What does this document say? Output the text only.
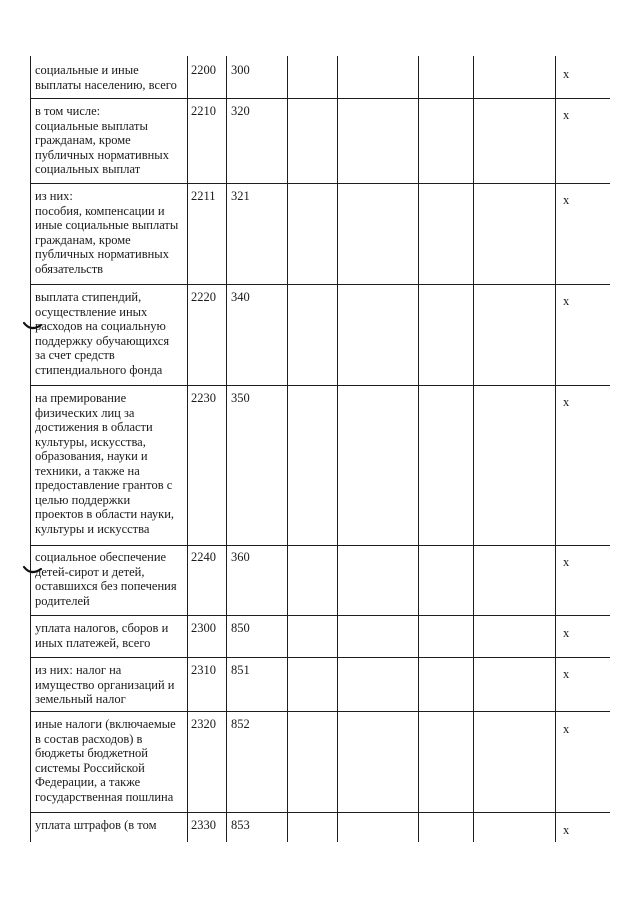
социальные и иные
выплаты населению, всего

2200 300	x

в том числе:
социальные выплаты
гражданам, кроме
публичных нормативных
социальных выплат

2210 320	x

из них:
пособия, компенсации и
иные социальные выплаты
гражданам, кроме
публичных нормативных
обязательств

2211 321	x

выплата стипендий,
осуществление иных
расходов на социальную
поддержку обучающихся
за счет средств
стипендиального фонда

2220 340	x

на премирование
физических лиц за
достижения в области
культуры, искусства,
образования, науки и
техники, а также на
предоставление грантов с
целью поддержки
проектов в области науки,
культуры и искусства

2230 350	x

социальное обеспечение
детей-сирот и детей,
оставшихся без попечения
родителей

2240 360	x

уплата налогов, сборов и
иных платежей, всего

2300 850	x

из них: налог на
имущество организаций и
земельный налог

2310 851	x

иные налоги (включаемые
в состав расходов) в
бюджеты бюджетной
системы Российской
Федерации, а также
государственная пошлина

2320 852	x

уплата штрафов (в том	2330 853	x
